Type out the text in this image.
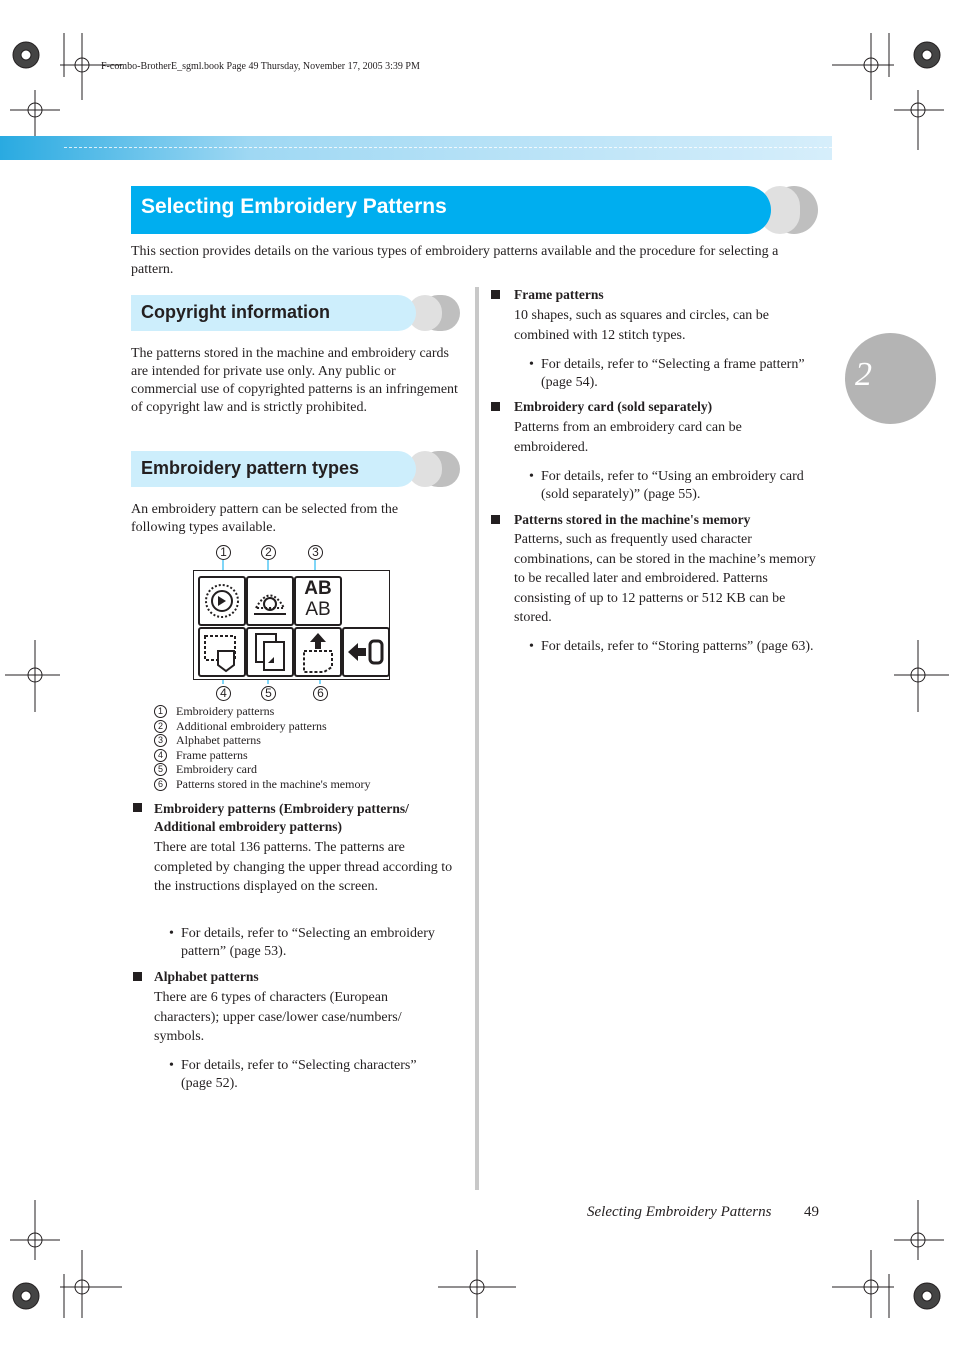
F-combo-BrotherE_sgml.book Page 49 Thursday, November 17, 2005 3:39 PM
Selecting Embroidery Patterns
This section provides details on the various types of embroidery patterns available and the procedure for selecting a pattern.
2
Copyright information
The patterns stored in the machine and embroidery cards are intended for private use only. Any public or commercial use of copyrighted patterns is an infringement of copyright law and is strictly prohibited.
Embroidery pattern types
An embroidery pattern can be selected from the following types available.
1	2	3
AB
AB
4	5	6
1 Embroidery patterns
2 Additional embroidery patterns
3 Alphabet patterns
4 Frame patterns
5 Embroidery card
6 Patterns stored in the machine's memory
Embroidery patterns (Embroidery patterns/ Additional embroidery patterns)
There are total 136 patterns. The patterns are completed by changing the upper thread according to the instructions displayed on the screen.
• For details, refer to “Selecting an embroidery pattern” (page 53).
Alphabet patterns
There are 6 types of characters (European characters); upper case/lower case/numbers/ symbols.
• For details, refer to “Selecting characters” (page 52).
Frame patterns
10 shapes, such as squares and circles, can be combined with 12 stitch types.
• For details, refer to “Selecting a frame pattern” (page 54).
Embroidery card (sold separately)
Patterns from an embroidery card can be embroidered.
• For details, refer to “Using an embroidery card (sold separately)” (page 55).
Patterns stored in the machine's memory
Patterns, such as frequently used character combinations, can be stored in the machine’s memory to be recalled later and embroidered. Patterns consisting of up to 12 patterns or 512 KB can be stored.
• For details, refer to “Storing patterns” (page 63).
Selecting Embroidery Patterns 49
